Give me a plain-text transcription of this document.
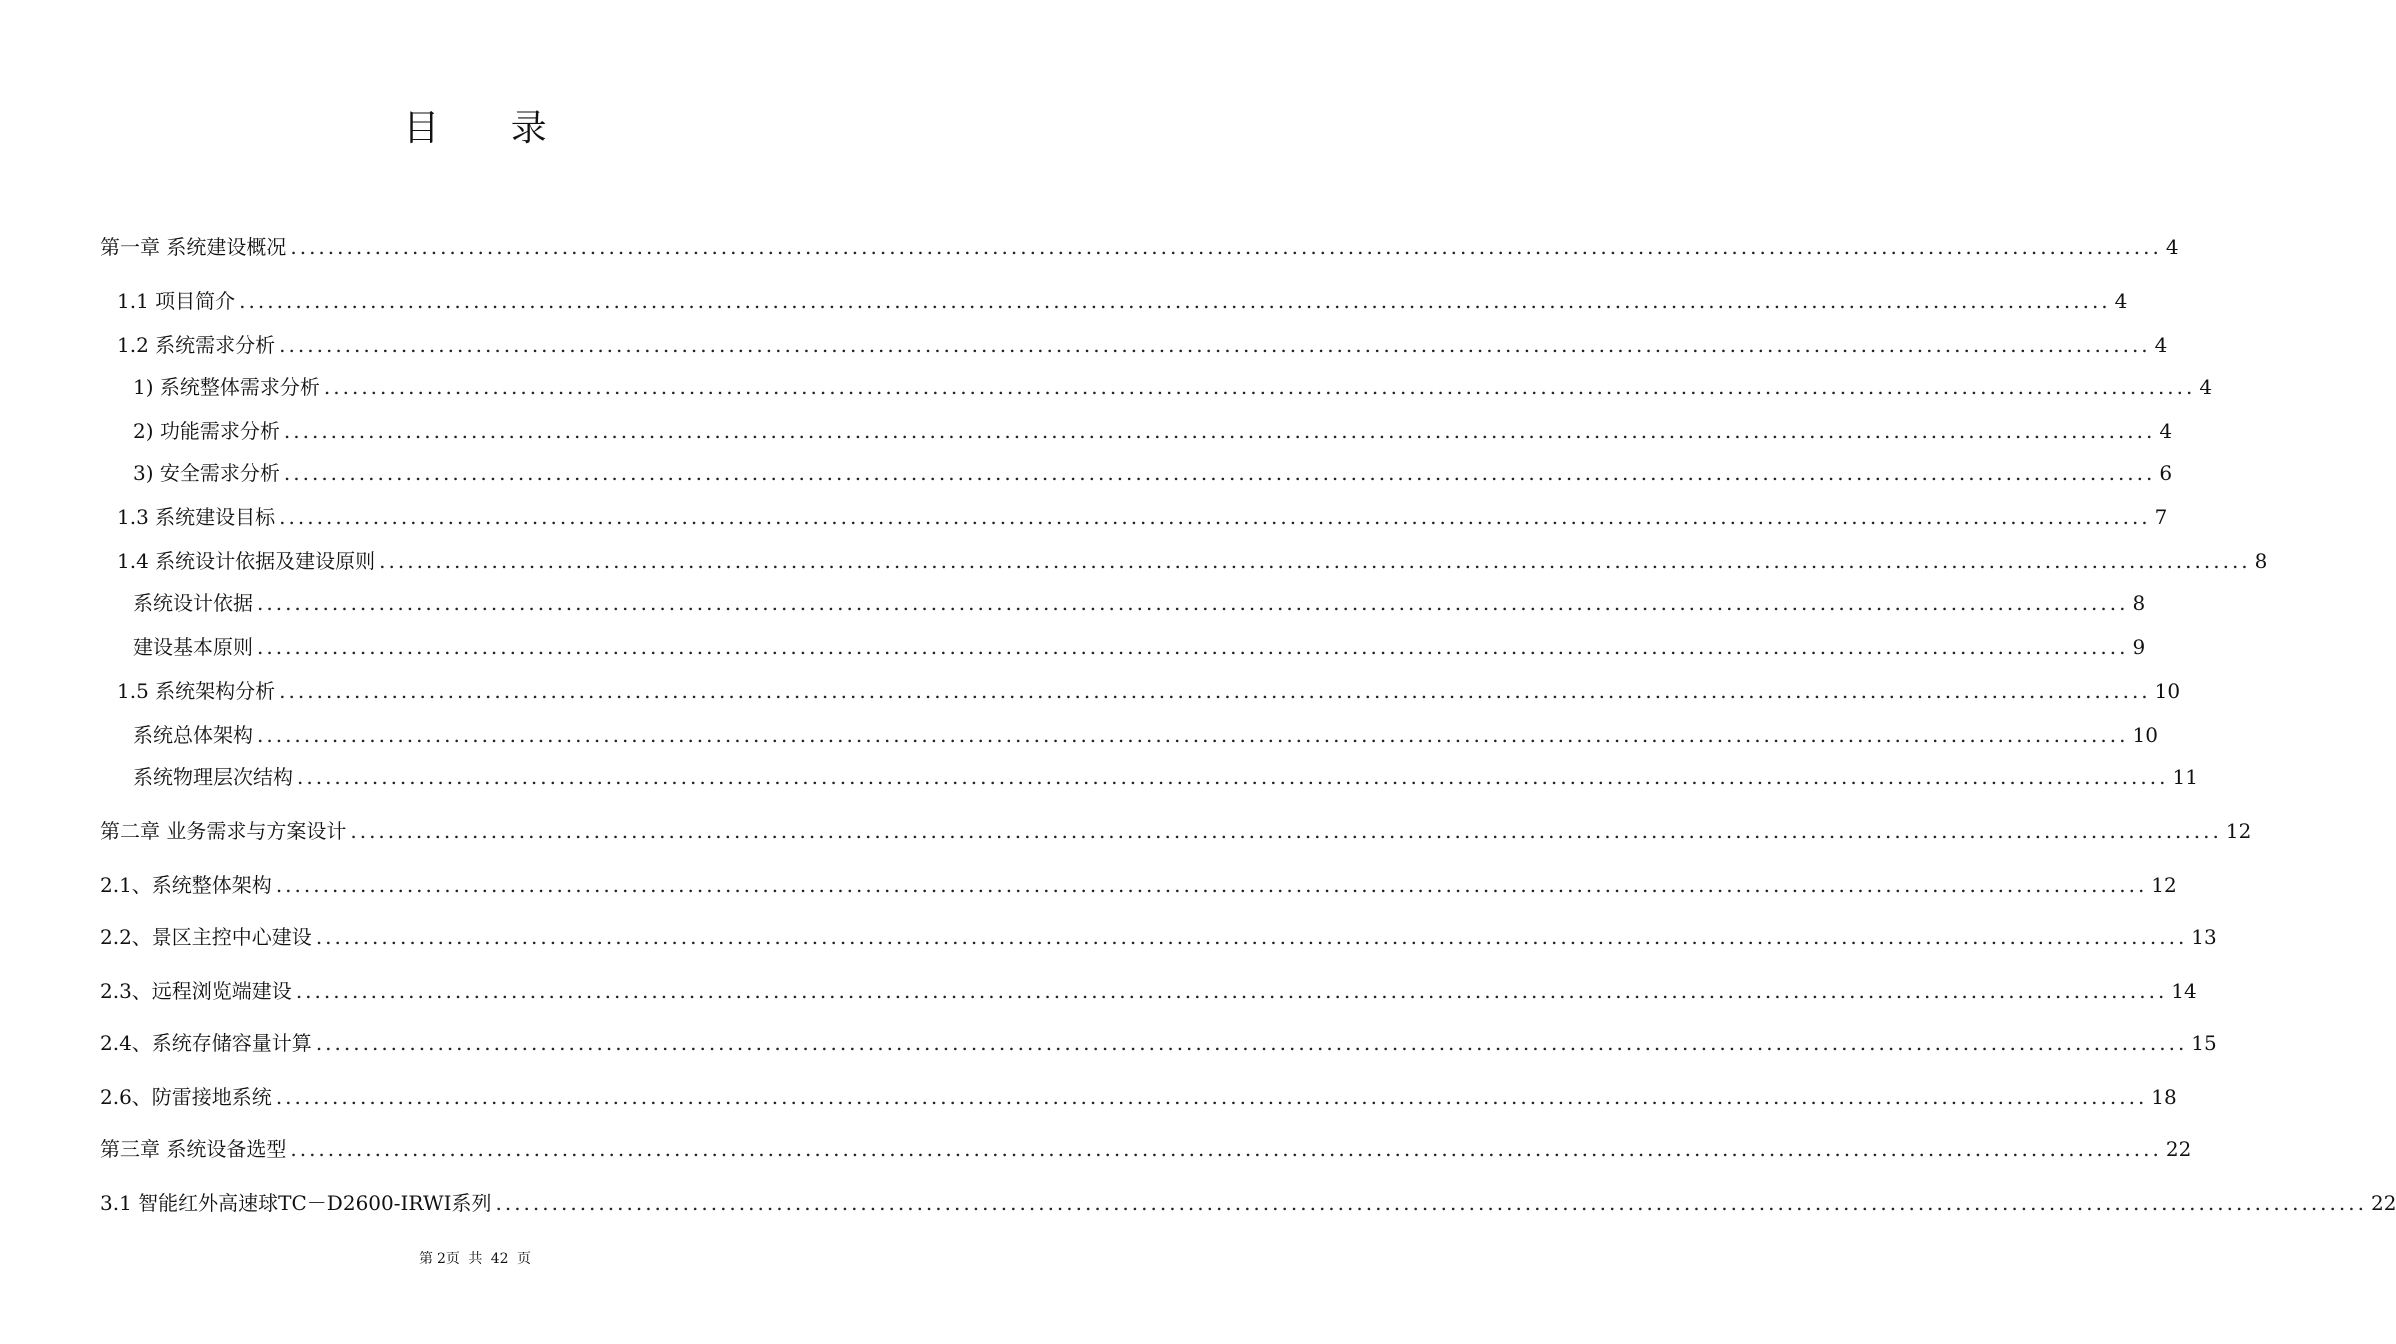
目 录
第一章 系统建设概况 ........................................................................................................................................................................................................ 4
1.1 项目简介 ........................................................................................................................................................................................................ 4
1.2 系统需求分析 ........................................................................................................................................................................................................ 4
1) 系统整体需求分析 ........................................................................................................................................................................................................ 4
2) 功能需求分析 ........................................................................................................................................................................................................ 4
3) 安全需求分析 ........................................................................................................................................................................................................ 6
1.3 系统建设目标 ........................................................................................................................................................................................................ 7
1.4 系统设计依据及建设原则 ........................................................................................................................................................................................................ 8
系统设计依据 ........................................................................................................................................................................................................ 8
建设基本原则 ........................................................................................................................................................................................................ 9
1.5 系统架构分析 ........................................................................................................................................................................................................ 10
系统总体架构 ........................................................................................................................................................................................................ 10
系统物理层次结构 ........................................................................................................................................................................................................ 11
第二章 业务需求与方案设计 ........................................................................................................................................................................................................ 12
2.1、系统整体架构 ........................................................................................................................................................................................................ 12
2.2、景区主控中心建设 ........................................................................................................................................................................................................ 13
2.3、远程浏览端建设 ........................................................................................................................................................................................................ 14
2.4、系统存储容量计算 ........................................................................................................................................................................................................ 15
2.6、防雷接地系统 ........................................................................................................................................................................................................ 18
第三章 系统设备选型 ........................................................................................................................................................................................................ 22
3.1 智能红外高速球TC－D2600-IRWI系列 ........................................................................................................................................................................................................ 22
第 2页 共 42 页
